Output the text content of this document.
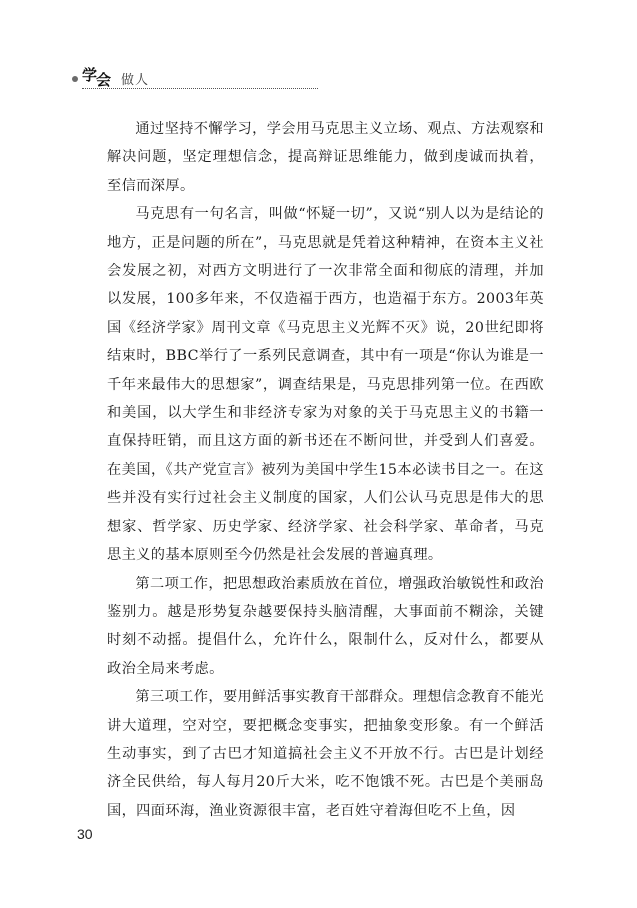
学会 做人

通过坚持不懈学习，学会用马克思主义立场、观点、方法观察和解决问题，坚定理想信念，提高辩证思维能力，做到虔诚而执着，至信而深厚。

马克思有一句名言，叫做“怀疑一切”，又说“别人以为是结论的地方，正是问题的所在”，马克思就是凭着这种精神，在资本主义社会发展之初，对西方文明进行了一次非常全面和彻底的清理，并加以发展，100多年来，不仅造福于西方，也造福于东方。2003年英国《经济学家》周刊文章《马克思主义光辉不灭》说，20世纪即将结束时，BBC举行了一系列民意调查，其中有一项是“你认为谁是一千年来最伟大的思想家”，调查结果是，马克思排列第一位。在西欧和美国，以大学生和非经济专家为对象的关于马克思主义的书籍一直保持旺销，而且这方面的新书还在不断问世，并受到人们喜爱。在美国，《共产党宣言》被列为美国中学生15本必读书目之一。在这些并没有实行过社会主义制度的国家，人们公认马克思是伟大的思想家、哲学家、历史学家、经济学家、社会科学家、革命者，马克思主义的基本原则至今仍然是社会发展的普遍真理。

第二项工作，把思想政治素质放在首位，增强政治敏锐性和政治鉴别力。越是形势复杂越要保持头脑清醒，大事面前不糊涂，关键时刻不动摇。提倡什么，允许什么，限制什么，反对什么，都要从政治全局来考虑。

第三项工作，要用鲜活事实教育干部群众。理想信念教育不能光讲大道理，空对空，要把概念变事实，把抽象变形象。有一个鲜活生动事实，到了古巴才知道搞社会主义不开放不行。古巴是计划经济全民供给，每人每月20斤大米，吃不饱饿不死。古巴是个美丽岛国，四面环海，渔业资源很丰富，老百姓守着海但吃不上鱼，因

30
